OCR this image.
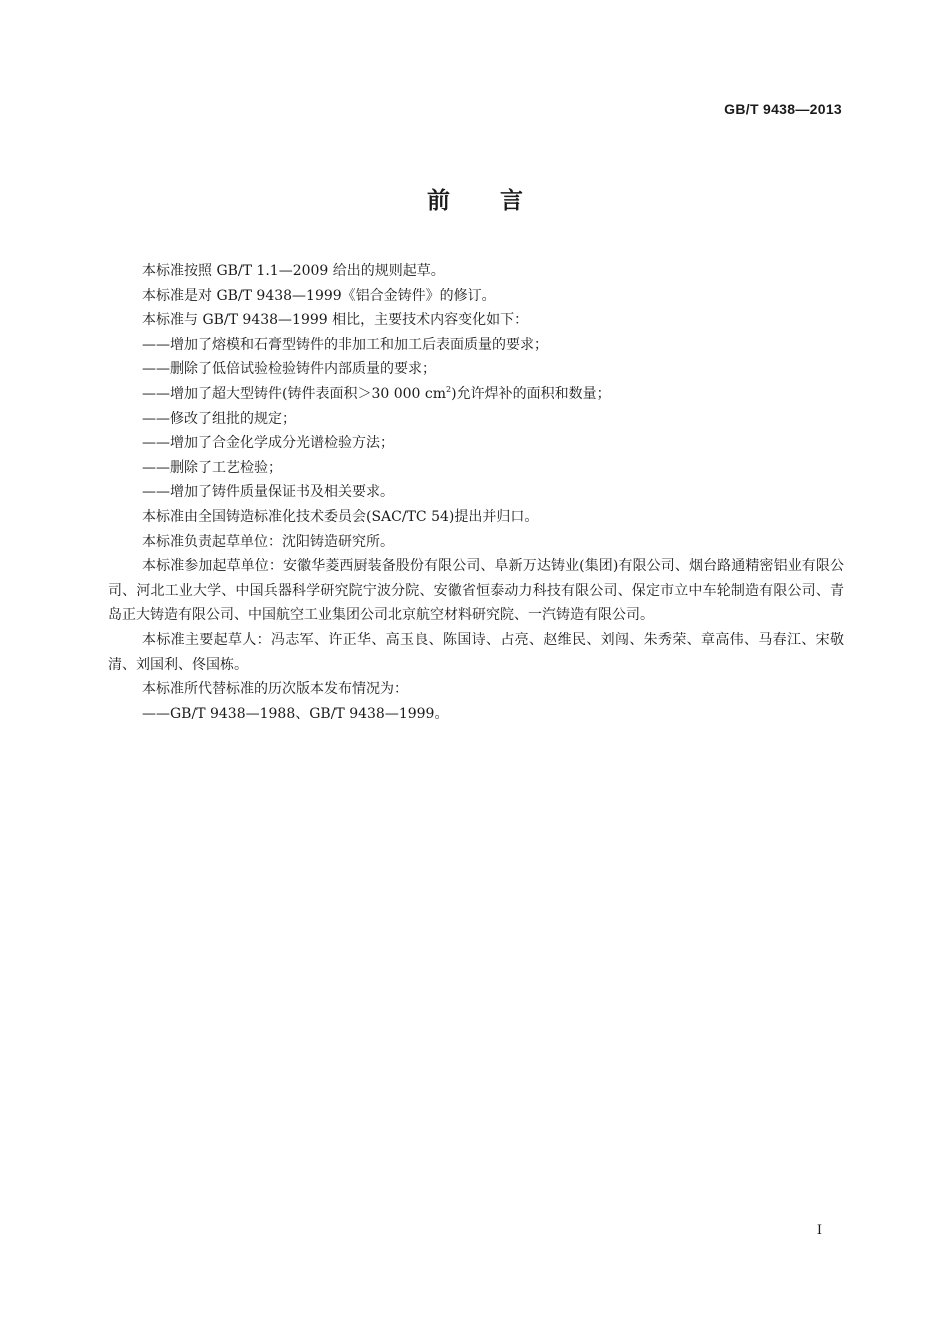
GB/T 9438—2013
前言

本标准按照 GB/T 1.1—2009 给出的规则起草。

本标准是对 GB/T 9438—1999《铝合金铸件》的修订。

本标准与 GB/T 9438—1999 相比，主要技术内容变化如下：

——增加了熔模和石膏型铸件的非加工和加工后表面质量的要求；

——删除了低倍试验检验铸件内部质量的要求；

——增加了超大型铸件(铸件表面积＞30 000 $cm^2$)允许焊补的面积和数量；

——修改了组批的规定；

——增加了合金化学成分光谱检验方法；

——删除了工艺检验；

——增加了铸件质量保证书及相关要求。

本标准由全国铸造标准化技术委员会(SAC/TC 54)提出并归口。

本标准负责起草单位：沈阳铸造研究所。

本标准参加起草单位：安徽华菱西厨装备股份有限公司、阜新万达铸业(集团)有限公司、烟台路通精密铝业有限公司、河北工业大学、中国兵器科学研究院宁波分院、安徽省恒泰动力科技有限公司、保定市立中车轮制造有限公司、青岛正大铸造有限公司、中国航空工业集团公司北京航空材料研究院、一汽铸造有限公司。

本标准主要起草人：冯志军、许正华、高玉良、陈国诗、占亮、赵维民、刘闯、朱秀荣、章高伟、马春江、宋敬清、刘国利、佟国栋。

本标准所代替标准的历次版本发布情况为：

——GB/T 9438—1988、GB/T 9438—1999。

I
